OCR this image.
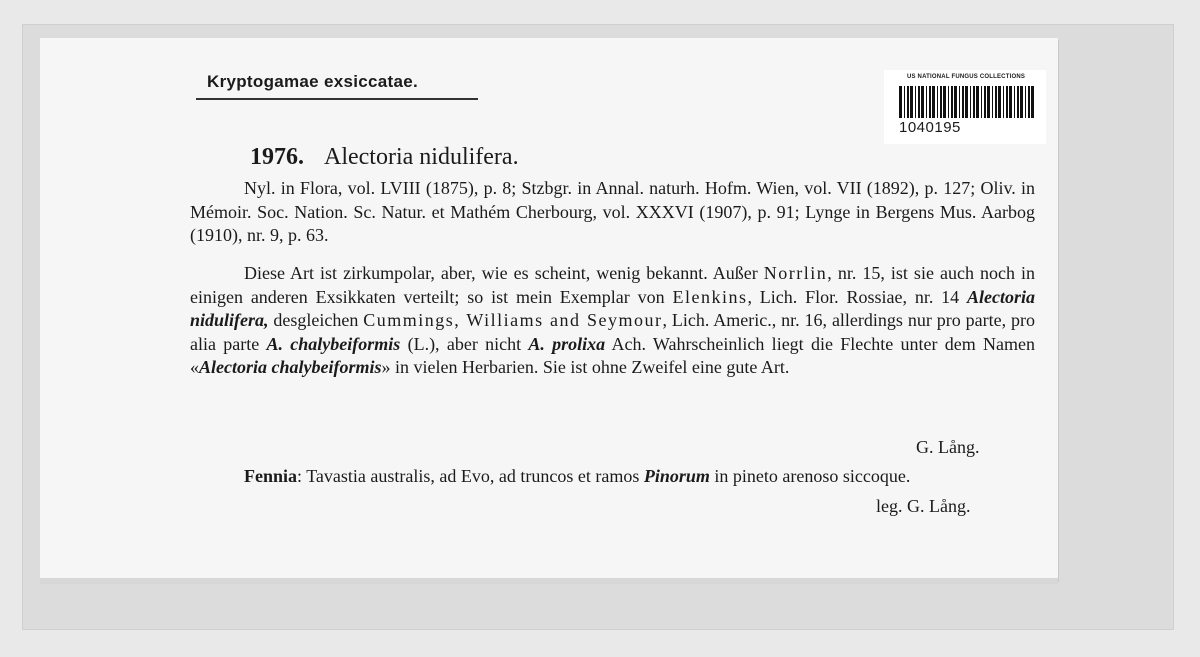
Kryptogamae exsiccatae.	US NATIONAL FUNGUS COLLECTIONS
1040195
1976. Alectoria nidulifera.
Nyl. in Flora, vol. LVIII (1875), p. 8; Stzbgr. in Annal. naturh. Hofm. Wien, vol. VII (1892), p. 127; Oliv. in Mémoir. Soc. Nation. Sc. Natur. et Mathém Cherbourg, vol. XXXVI (1907), p. 91; Lynge in Bergens Mus. Aarbog (1910), nr. 9, p. 63.
Diese Art ist zirkumpolar, aber, wie es scheint, wenig bekannt. Außer Norrlin, nr. 15, ist sie auch noch in einigen anderen Exsikkaten verteilt; so ist mein Exemplar von Elenkins, Lich. Flor. Rossiae, nr. 14 Alectoria nidulifera, desgleichen Cummings, Williams and Seymour, Lich. Americ., nr. 16, allerdings nur pro parte, pro alia parte A. chalybeiformis (L.), aber nicht A. prolixa Ach. Wahrscheinlich liegt die Flechte unter dem Namen «Alectoria chalybeiformis» in vielen Herbarien. Sie ist ohne Zweifel eine gute Art.
G. Lång.
Fennia: Tavastia australis, ad Evo, ad truncos et ramos Pinorum in pineto arenoso siccoque.
leg. G. Lång.
